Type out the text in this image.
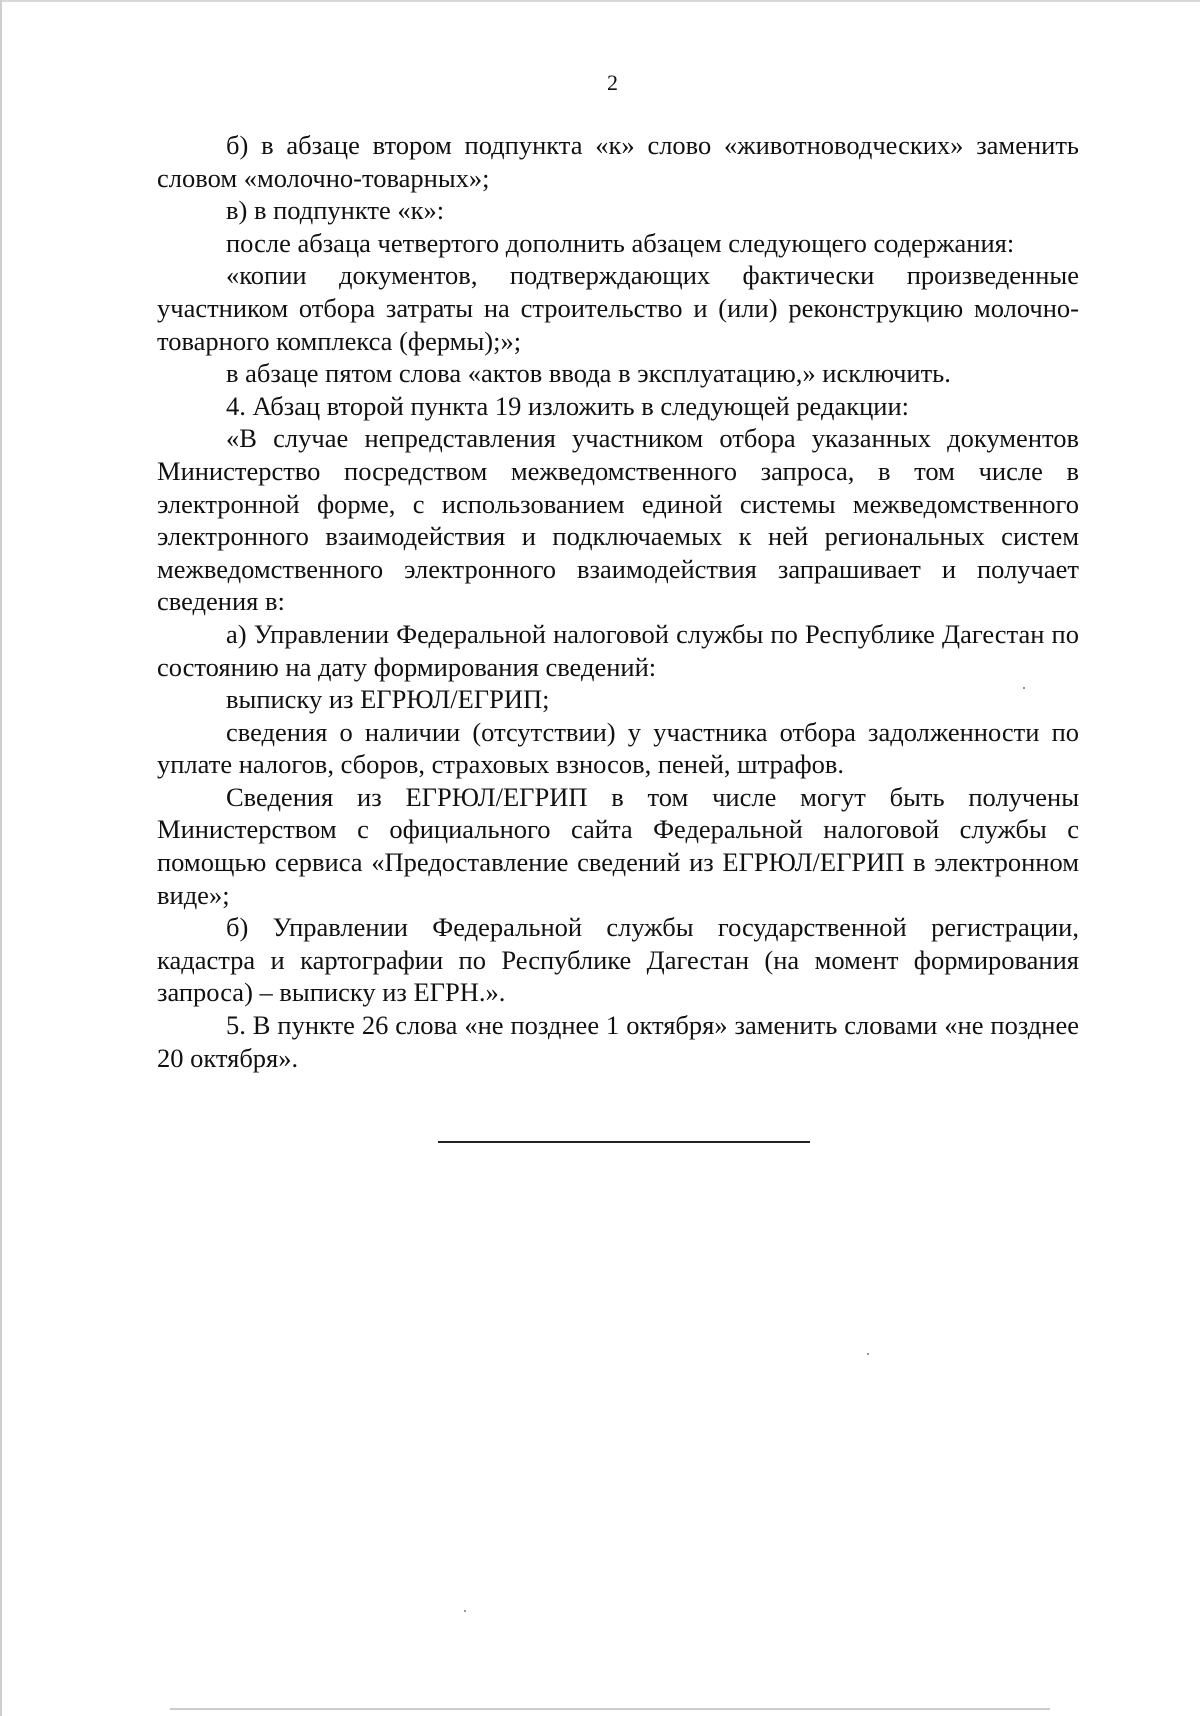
2

б) в абзаце втором подпункта «к» слово «животноводческих» заменить словом «молочно-товарных»;

в) в подпункте «к»:

после абзаца четвертого дополнить абзацем следующего содержания:

«копии документов, подтверждающих фактически произведенные участником отбора затраты на строительство и (или) реконструкцию молочно-товарного комплекса (фермы);»;

в абзаце пятом слова «актов ввода в эксплуатацию,» исключить.

4. Абзац второй пункта 19 изложить в следующей редакции:

«В случае непредставления участником отбора указанных документов Министерство посредством межведомственного запроса, в том числе в электронной форме, с использованием единой системы межведомственного электронного взаимодействия и подключаемых к ней региональных систем межведомственного электронного взаимодействия запрашивает и получает сведения в:

а) Управлении Федеральной налоговой службы по Республике Дагестан по состоянию на дату формирования сведений:

выписку из ЕГРЮЛ/ЕГРИП;

сведения о наличии (отсутствии) у участника отбора задолженности по уплате налогов, сборов, страховых взносов, пеней, штрафов.

Сведения из ЕГРЮЛ/ЕГРИП в том числе могут быть получены Министерством с официального сайта Федеральной налоговой службы с помощью сервиса «Предоставление сведений из ЕГРЮЛ/ЕГРИП в электронном виде»;

б) Управлении Федеральной службы государственной регистрации, кадастра и картографии по Республике Дагестан (на момент формирования запроса) – выписку из ЕГРН.».

5. В пункте 26 слова «не позднее 1 октября» заменить словами «не позднее 20 октября».
